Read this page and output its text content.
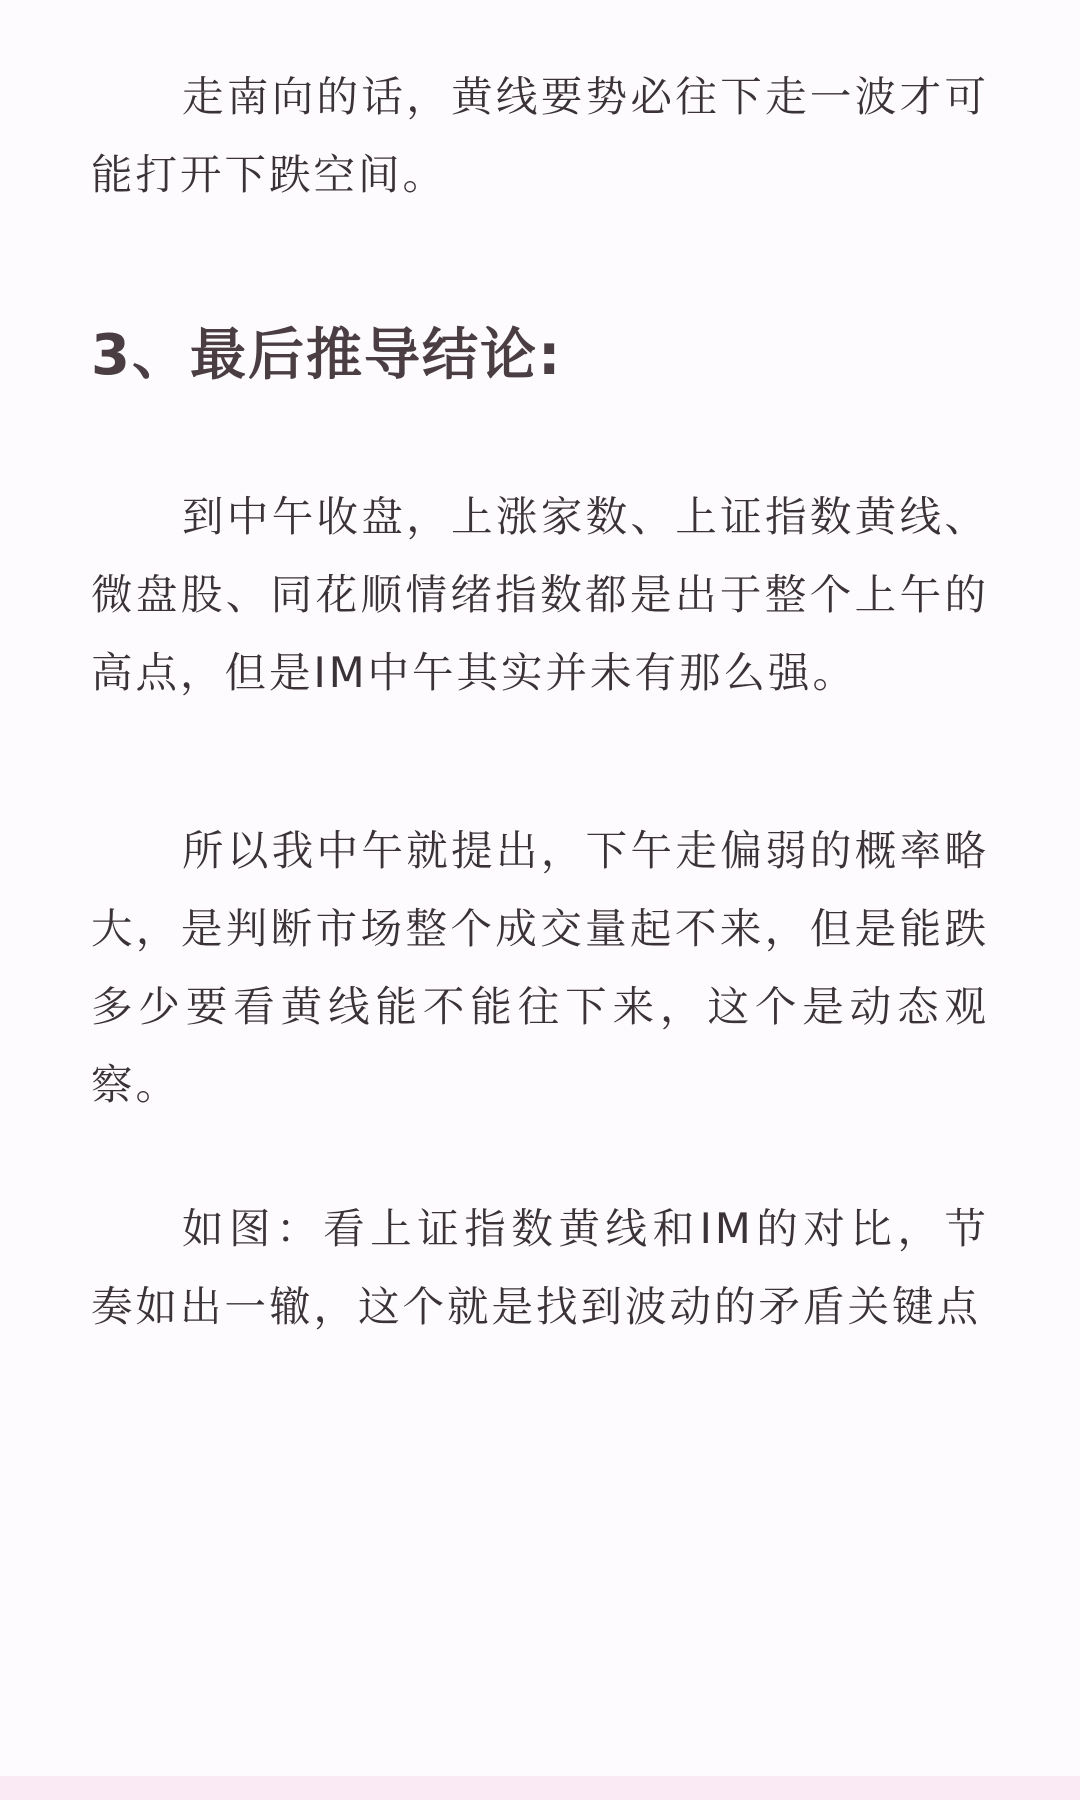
走南向的话，黄线要势必往下走一波才可能打开下跌空间。

3、最后推导结论:

到中午收盘，上涨家数、上证指数黄线、微盘股、同花顺情绪指数都是出于整个上午的高点，但是IM中午其实并未有那么强。

所以我中午就提出，下午走偏弱的概率略大，是判断市场整个成交量起不来，但是能跌多少要看黄线能不能往下来，这个是动态观察。

如图：看上证指数黄线和IM的对比，节奏如出一辙，这个就是找到波动的矛盾关键点
